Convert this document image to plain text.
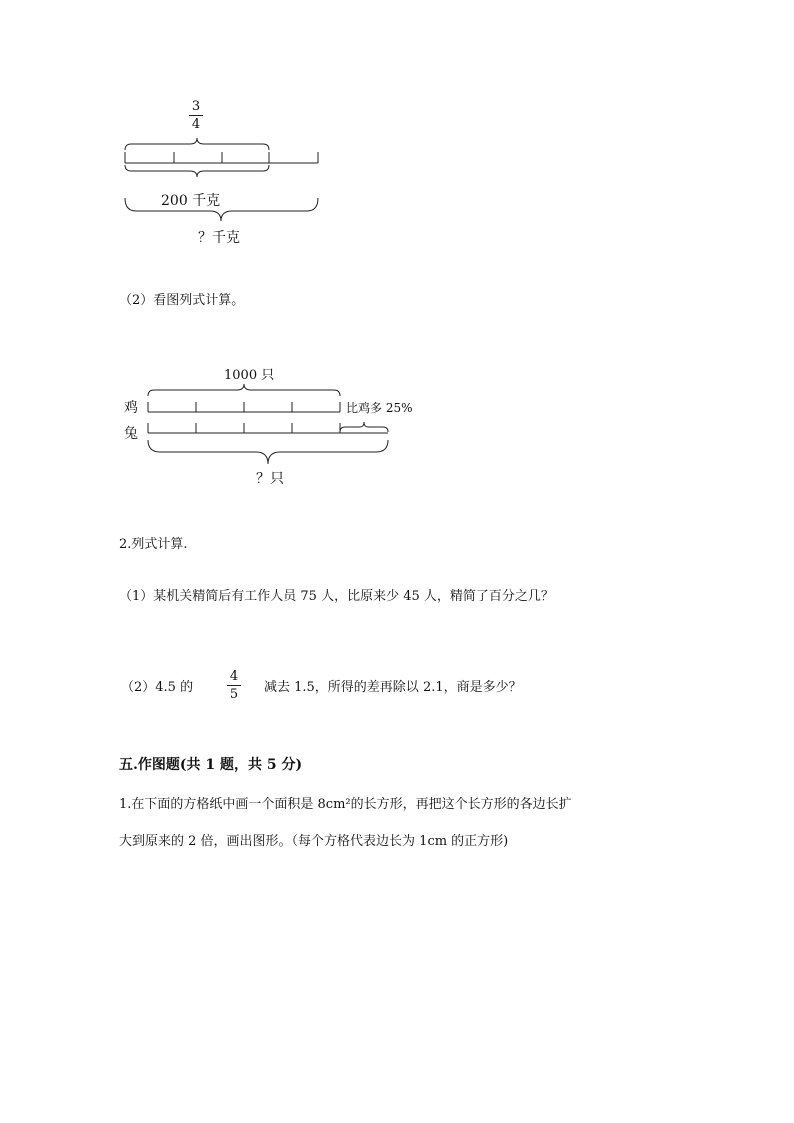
3
4
200 千克
？千克
（2）看图列式计算。
1000 只
鸡
兔
比鸡多 25%
？只
2.列式计算.
（1）某机关精简后有工作人员 75 人，比原来少 45 人，精简了百分之几？
（2）4.5 的
4
5 减去 1.5，所得的差再除以 2.1，商是多少？
五.作图题(共 1 题，共 5 分)
1.在下面的方格纸中画一个面积是 8cm²的长方形，再把这个长方形的各边长扩
大到原来的 2 倍，画出图形。（每个方格代表边长为 1cm 的正方形)
